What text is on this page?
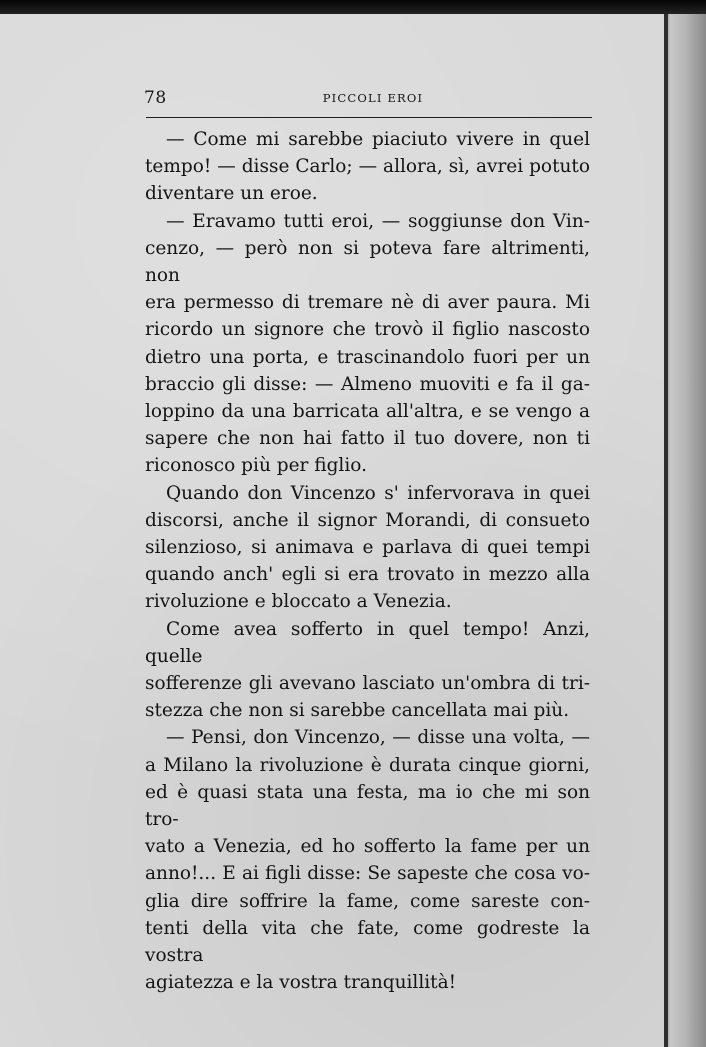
78	PICCOLI EROI

— Come mi sarebbe piaciuto vivere in quel
tempo! — disse Carlo; — allora, sì, avrei potuto
diventare un eroe.

— Eravamo tutti eroi, — soggiunse don Vin-
cenzo, — però non si poteva fare altrimenti, non
era permesso di tremare nè di aver paura. Mi
ricordo un signore che trovò il figlio nascosto
dietro una porta, e trascinandolo fuori per un
braccio gli disse: — Almeno muoviti e fa il ga-
loppino da una barricata all'altra, e se vengo a
sapere che non hai fatto il tuo dovere, non ti
riconosco più per figlio.

Quando don Vincenzo s' infervorava in quei
discorsi, anche il signor Morandi, di consueto
silenzioso, si animava e parlava di quei tempi
quando anch' egli si era trovato in mezzo alla
rivoluzione e bloccato a Venezia.

Come avea sofferto in quel tempo! Anzi, quelle
sofferenze gli avevano lasciato un'ombra di tri-
stezza che non si sarebbe cancellata mai più.

— Pensi, don Vincenzo, — disse una volta, —
a Milano la rivoluzione è durata cinque giorni,
ed è quasi stata una festa, ma io che mi son tro-
vato a Venezia, ed ho sofferto la fame per un
anno!... E ai figli disse: Se sapeste che cosa vo-
glia dire soffrire la fame, come sareste con-
tenti della vita che fate, come godreste la vostra
agiatezza e la vostra tranquillità!
